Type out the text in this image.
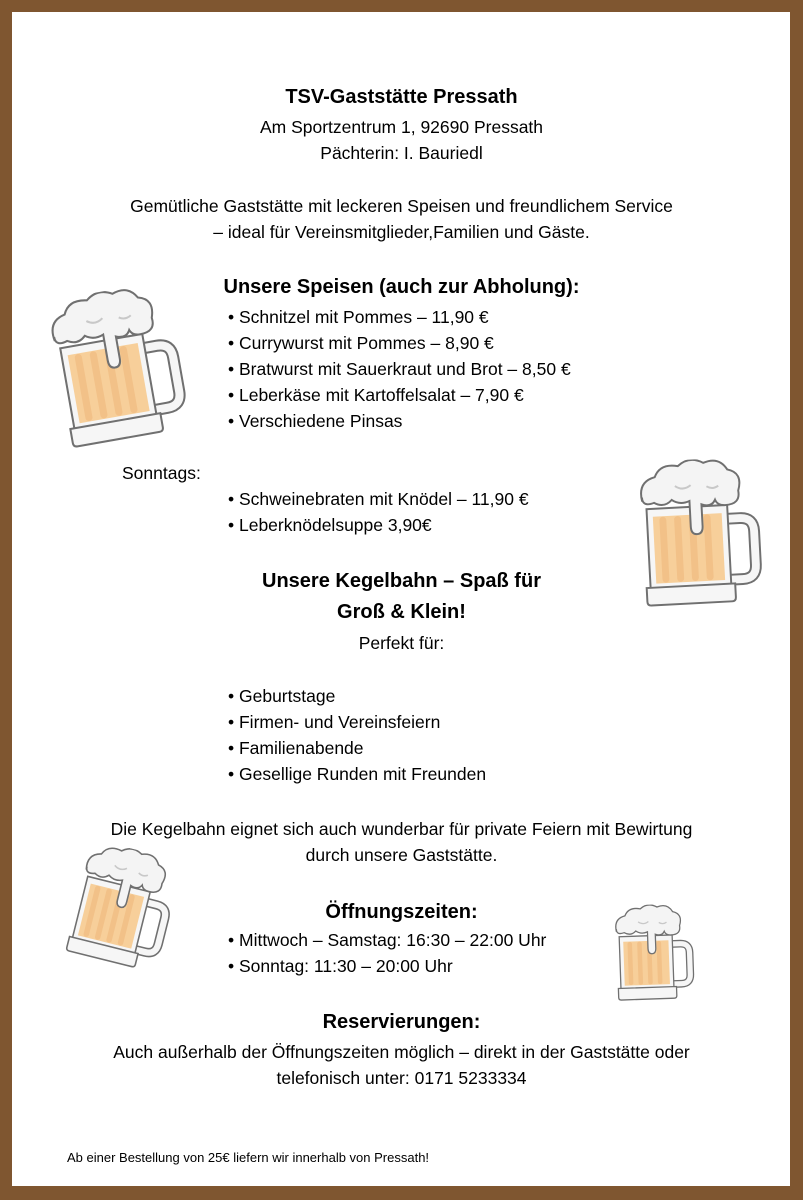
TSV-Gaststätte Pressath
Am Sportzentrum 1, 92690 Pressath
Pächterin: I. Bauriedl
Gemütliche Gaststätte mit leckeren Speisen und freundlichem Service
– ideal für Vereinsmitglieder,Familien und Gäste.
Unsere Speisen (auch zur Abholung):
• Schnitzel mit Pommes – 11,90 €
• Currywurst mit Pommes – 8,90 €
• Bratwurst mit Sauerkraut und Brot – 8,50 €
• Leberkäse mit Kartoffelsalat – 7,90 €
• Verschiedene Pinsas
Sonntags:
• Schweinebraten mit Knödel – 11,90 €
• Leberknödelsuppe 3,90€
Unsere Kegelbahn – Spaß für
Groß & Klein!
Perfekt für:
• Geburtstage
• Firmen- und Vereinsfeiern
• Familienabende
• Gesellige Runden mit Freunden
Die Kegelbahn eignet sich auch wunderbar für private Feiern mit Bewirtung
durch unsere Gaststätte.
Öffnungszeiten:
• Mittwoch – Samstag: 16:30 – 22:00 Uhr
• Sonntag: 11:30 – 20:00 Uhr
Reservierungen:
Auch außerhalb der Öffnungszeiten möglich – direkt in der Gaststätte oder
telefonisch unter: 0171 5233334
Ab einer Bestellung von 25€ liefern wir innerhalb von Pressath!
